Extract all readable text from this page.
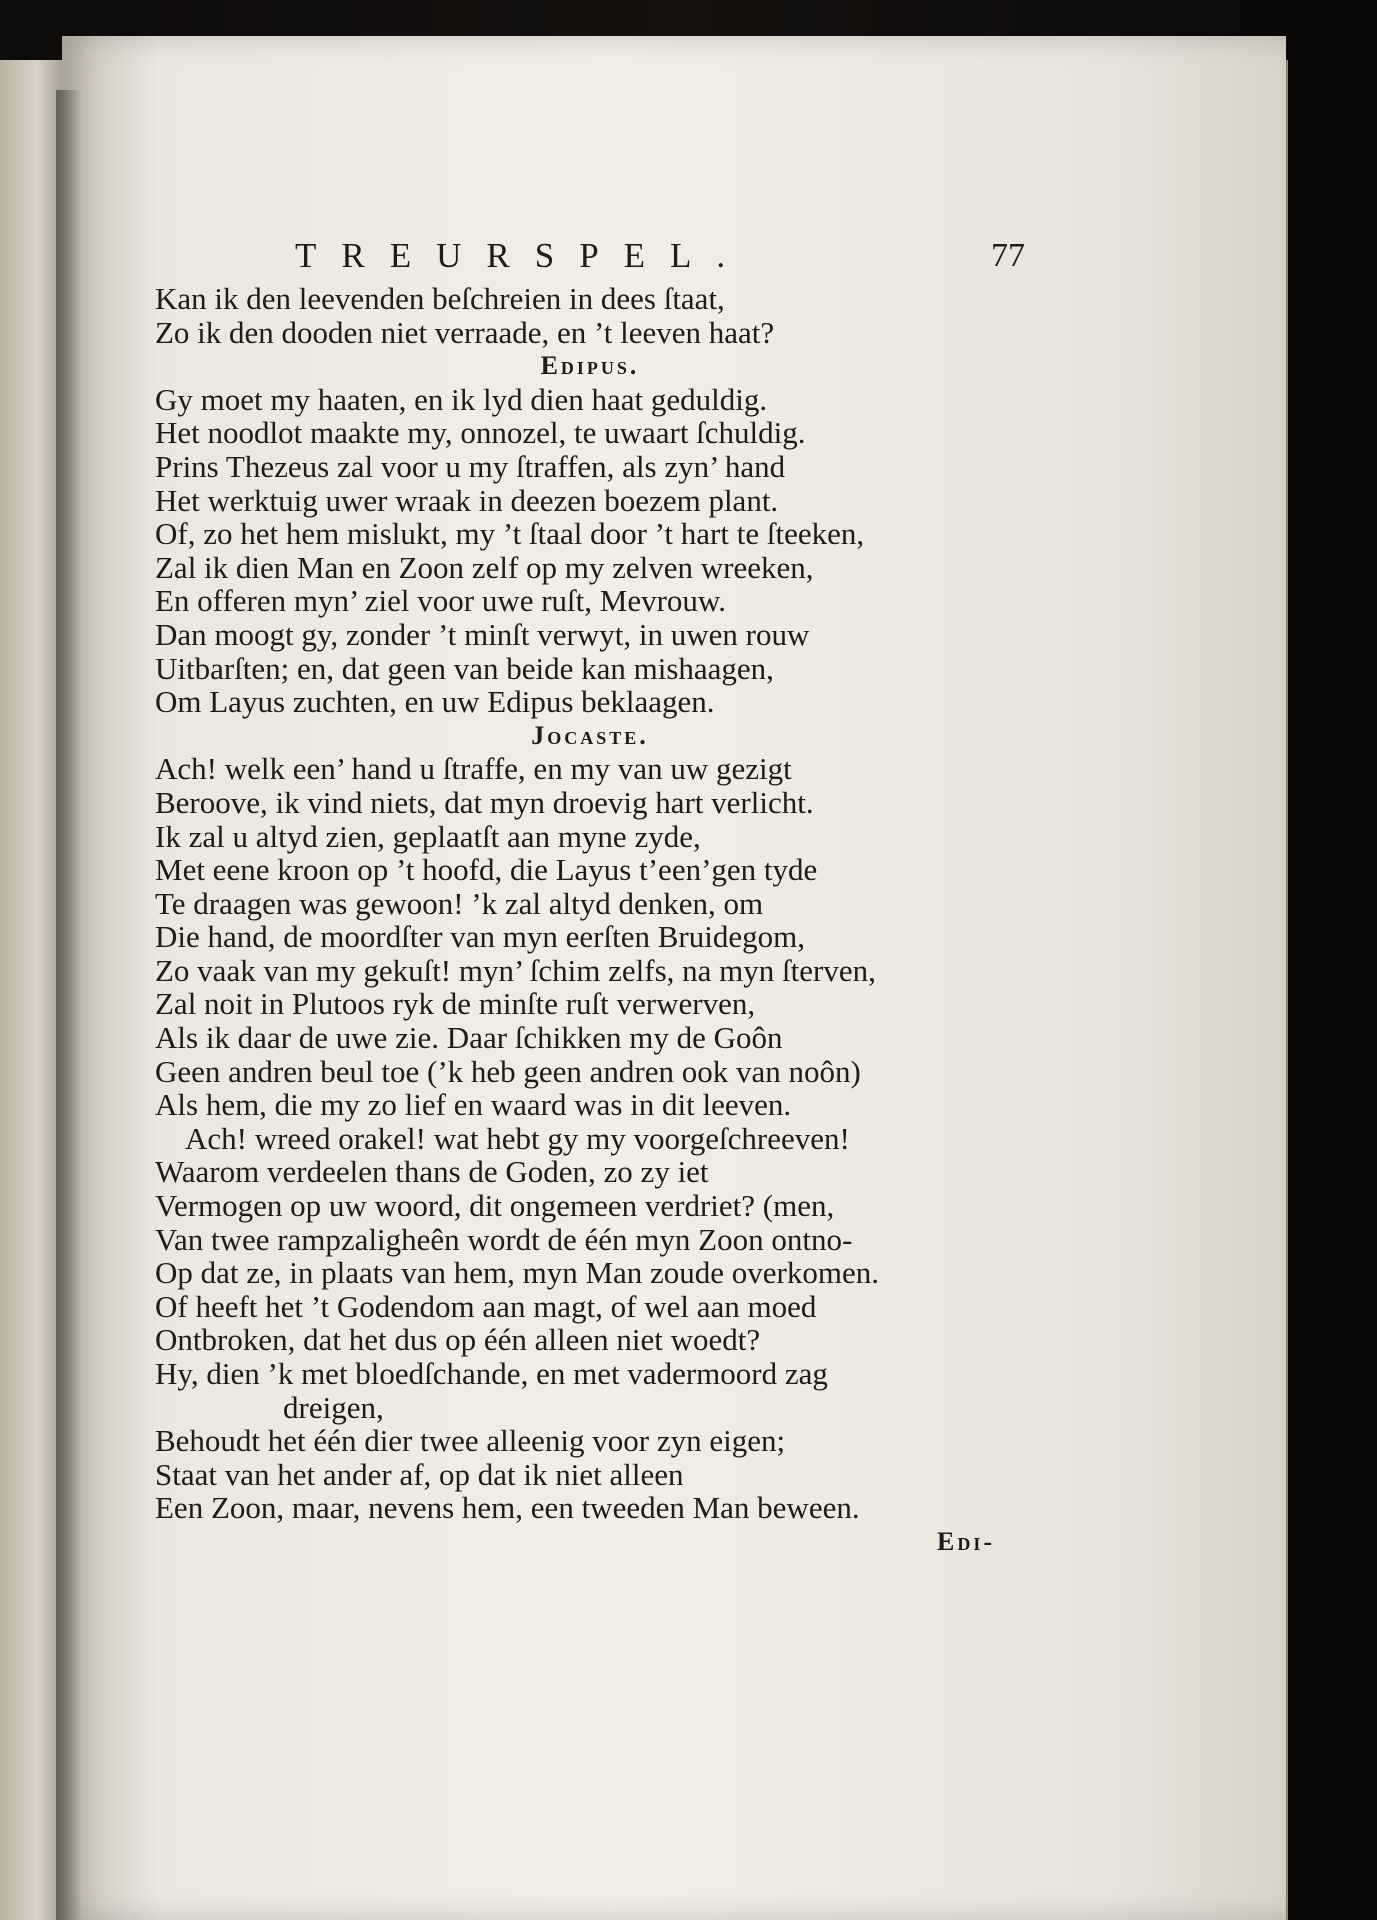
TREURSPEL.	77
Kan ik den leevenden beſchreien in dees ſtaat,
Zo ik den dooden niet verraade, en ’t leeven haat?
Edipus.
Gy moet my haaten, en ik lyd dien haat geduldig.
Het noodlot maakte my, onnozel, te uwaart ſchuldig.
Prins Thezeus zal voor u my ſtraffen, als zyn’ hand
Het werktuig uwer wraak in deezen boezem plant.
Of, zo het hem mislukt, my ’t ſtaal door ’t hart te ſteeken,
Zal ik dien Man en Zoon zelf op my zelven wreeken,
En offeren myn’ ziel voor uwe ruſt, Mevrouw.
Dan moogt gy, zonder ’t minſt verwyt, in uwen rouw
Uitbarſten; en, dat geen van beide kan mishaagen,
Om Layus zuchten, en uw Edipus beklaagen.
Jocaste.
Ach! welk een’ hand u ſtraffe, en my van uw gezigt
Beroove, ik vind niets, dat myn droevig hart verlicht.
Ik zal u altyd zien, geplaatſt aan myne zyde,
Met eene kroon op ’t hoofd, die Layus t’een’gen tyde
Te draagen was gewoon! ’k zal altyd denken, om
Die hand, de moordſter van myn eerſten Bruidegom,
Zo vaak van my gekuſt! myn’ ſchim zelfs, na myn ſterven,
Zal noit in Plutoos ryk de minſte ruſt verwerven,
Als ik daar de uwe zie. Daar ſchikken my de Goôn
Geen andren beul toe (’k heb geen andren ook van noôn)
Als hem, die my zo lief en waard was in dit leeven.
Ach! wreed orakel! wat hebt gy my voorgeſchreeven!
Waarom verdeelen thans de Goden, zo zy iet
Vermogen op uw woord, dit ongemeen verdriet? (men,
Van twee rampzaligheên wordt de één myn Zoon ontno-
Op dat ze, in plaats van hem, myn Man zoude overkomen.
Of heeft het ’t Godendom aan magt, of wel aan moed
Ontbroken, dat het dus op één alleen niet woedt?
Hy, dien ’k met bloedſchande, en met vadermoord zag
dreigen,
Behoudt het één dier twee alleenig voor zyn eigen;
Staat van het ander af, op dat ik niet alleen
Een Zoon, maar, nevens hem, een tweeden Man beween.
Edi-
